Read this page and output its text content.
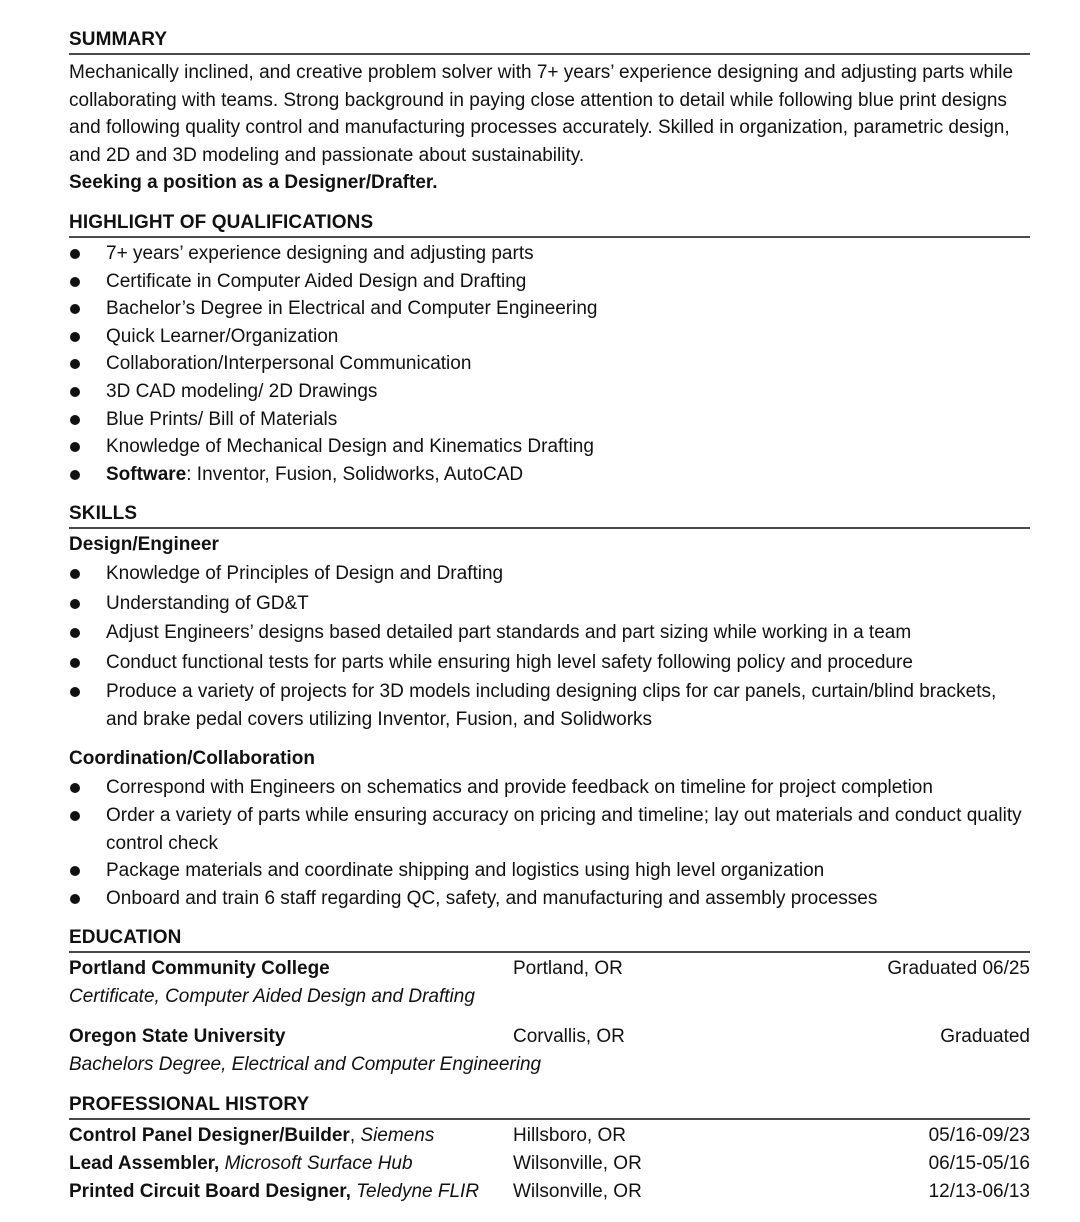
SUMMARY

Mechanically inclined, and creative problem solver with 7+ years’ experience designing and adjusting parts while collaborating with teams. Strong background in paying close attention to detail while following blue print designs and following quality control and manufacturing processes accurately. Skilled in organization, parametric design, and 2D and 3D modeling and passionate about sustainability.
Seeking a position as a Designer/Drafter.

HIGHLIGHT OF QUALIFICATIONS
7+ years’ experience designing and adjusting parts
Certificate in Computer Aided Design and Drafting
Bachelor’s Degree in Electrical and Computer Engineering
Quick Learner/Organization
Collaboration/Interpersonal Communication
3D CAD modeling/ 2D Drawings
Blue Prints/ Bill of Materials
Knowledge of Mechanical Design and Kinematics Drafting
Software: Inventor, Fusion, Solidworks, AutoCAD
SKILLS
Design/Engineer
Knowledge of Principles of Design and Drafting
Understanding of GD&T
Adjust Engineers’ designs based detailed part standards and part sizing while working in a team
Conduct functional tests for parts while ensuring high level safety following policy and procedure
Produce a variety of projects for 3D models including designing clips for car panels, curtain/blind brackets, and brake pedal covers utilizing Inventor, Fusion, and Solidworks
Coordination/Collaboration
Correspond with Engineers on schematics and provide feedback on timeline for project completion
Order a variety of parts while ensuring accuracy on pricing and timeline; lay out materials and conduct quality control check
Package materials and coordinate shipping and logistics using high level organization
Onboard and train 6 staff regarding QC, safety, and manufacturing and assembly processes
EDUCATION
Portland Community College	Portland, OR	Graduated 06/25
Certificate, Computer Aided Design and Drafting
Oregon State University	Corvallis, OR	Graduated
Bachelors Degree, Electrical and Computer Engineering
PROFESSIONAL HISTORY
Control Panel Designer/Builder, Siemens	Hillsboro, OR	05/16-09/23
Lead Assembler, Microsoft Surface Hub	Wilsonville, OR	06/15-05/16
Printed Circuit Board Designer, Teledyne FLIR	Wilsonville, OR	12/13-06/13
